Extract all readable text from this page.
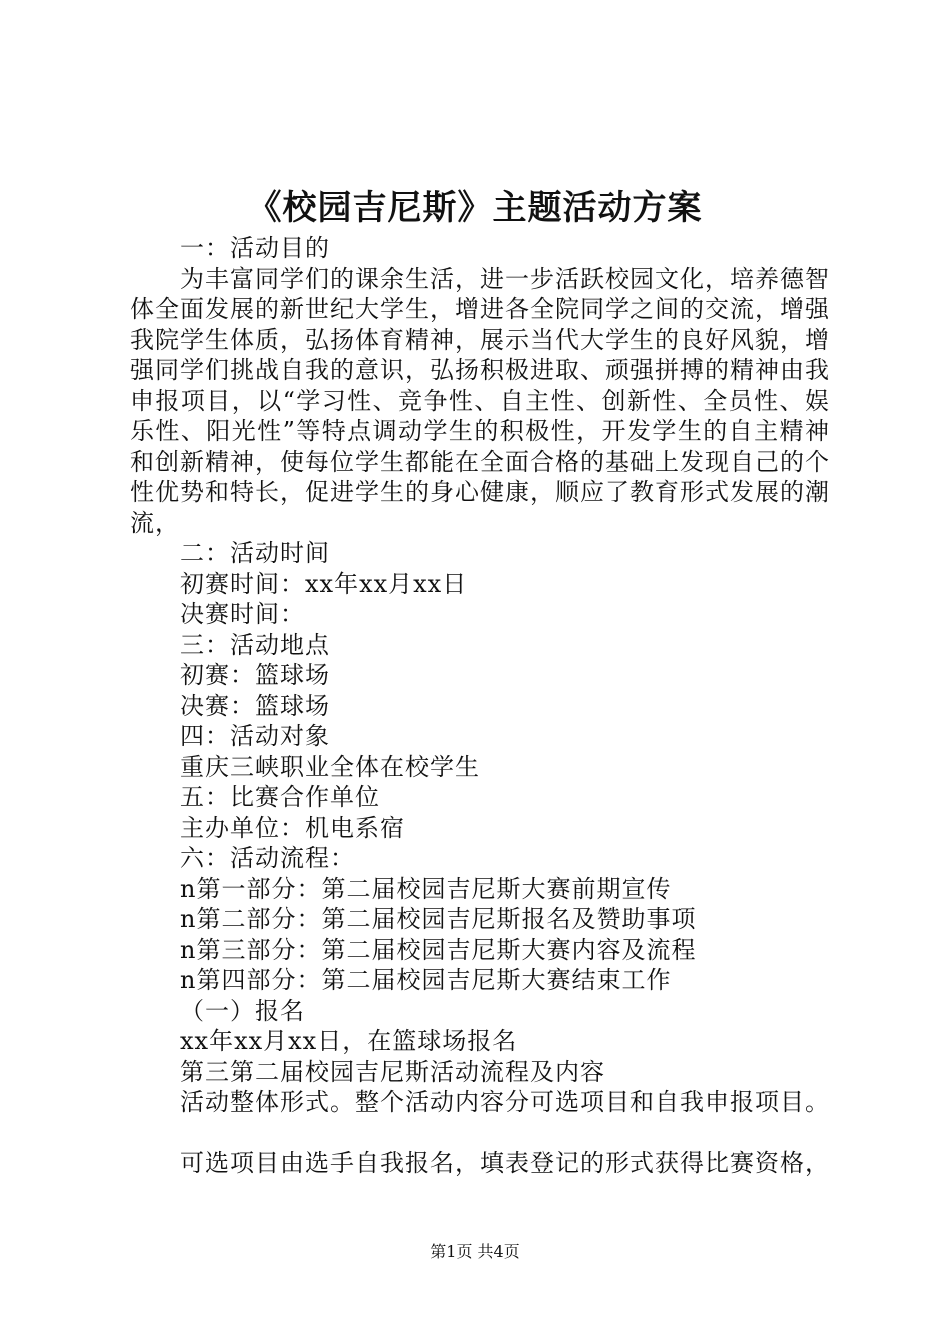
《校园吉尼斯》主题活动方案

一：活动目的

为丰富同学们的课余生活，进一步活跃校园文化，培养德智体全面发展的新世纪大学生，增进各全院同学之间的交流，增强我院学生体质，弘扬体育精神，展示当代大学生的良好风貌，增强同学们挑战自我的意识，弘扬积极进取、顽强拼搏的精神由我申报项目，以“学习性、竞争性、自主性、创新性、全员性、娱乐性、阳光性”等特点调动学生的积极性，开发学生的自主精神和创新精神，使每位学生都能在全面合格的基础上发现自己的个性优势和特长，促进学生的身心健康，顺应了教育形式发展的潮流，

二：活动时间

初赛时间：xx年xx月xx日

决赛时间：

三：活动地点

初赛：篮球场

决赛：篮球场

四：活动对象

重庆三峡职业全体在校学生

五：比赛合作单位

主办单位：机电系宿

六：活动流程：

n第一部分：第二届校园吉尼斯大赛前期宣传

n第二部分：第二届校园吉尼斯报名及赞助事项

n第三部分：第二届校园吉尼斯大赛内容及流程

n第四部分：第二届校园吉尼斯大赛结束工作

（一）报名

xx年xx月xx日，在篮球场报名

第三第二届校园吉尼斯活动流程及内容

活动整体形式。整个活动内容分可选项目和自我申报项目。

可选项目由选手自我报名，填表登记的形式获得比赛资格，

第1页 共4页
